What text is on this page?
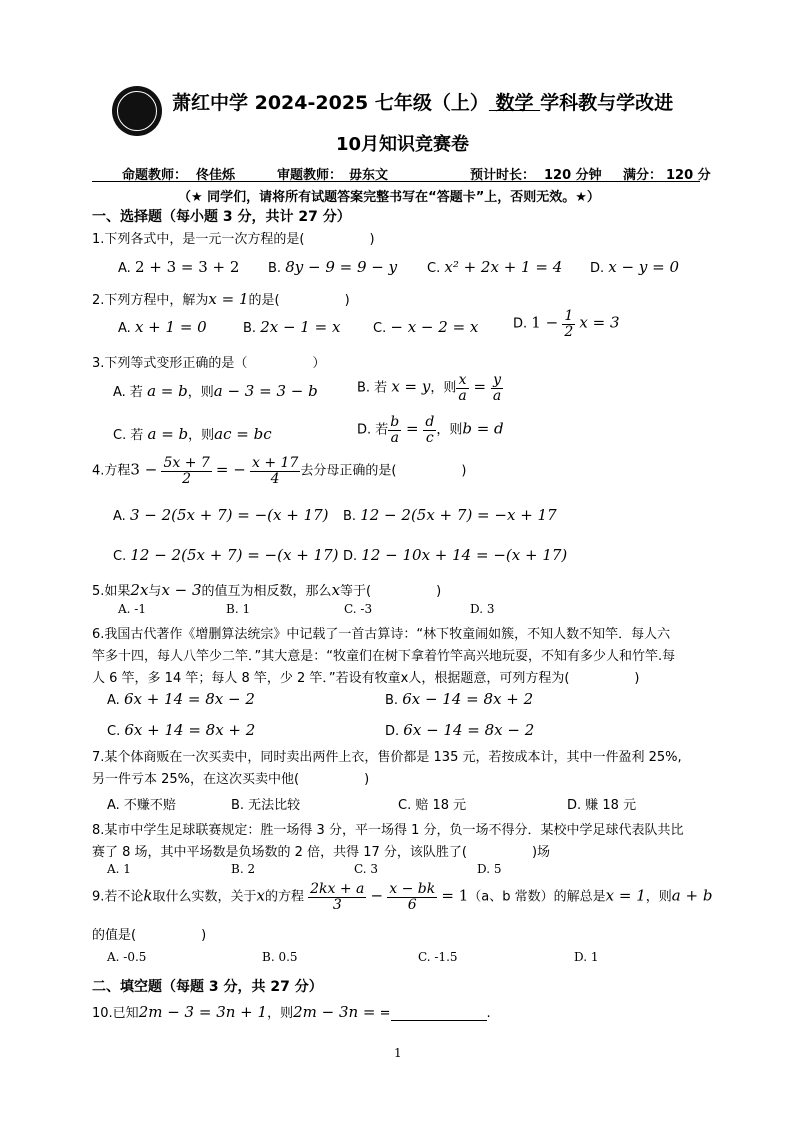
萧红中学 2024-2025 七年级（上） 数学 学科教与学改进
10月知识竞赛卷
命题教师： 佟佳烁	审题教师： 毋东文	预计时长： 120 分钟 满分： 120 分
（★ 同学们，请将所有试题答案完整书写在“答题卡”上，否则无效。★）
一、选择题（每小题 3 分，共计 27 分）
1.下列各式中，是一元一次方程的是(　　　　　)
A. 2 + 3 = 3 + 2 B. 8y − 9 = 9 − y C. x² + 2x + 1 = 4 D. x − y = 0
2.下列方程中，解为x = 1的是(　　　　　)
A. x + 1 = 0	B. 2x − 1 = x	C. − x − 2 = x	D. $1 - \frac{1}{2}$ x = 3
3.下列等式变形正确的是（　　　　　）
A. 若 a = b，则a − 3 = 3 − b	B. 若 x = y，则 $\frac{x}{a} = \frac{y}{a}$
C. 若 a = b，则ac = bc	D. 若 $\frac{b}{a} = \frac{d}{c}$ ，则b = d
4.方程$3 - \frac{5x + 7}{2}$ = − $\frac{x + 17}{4}$ 去分母正确的是(　　　　　)
A. 3 − 2(5x + 7) = −(x + 17) B. 12 − 2(5x + 7) = −x + 17
C. 12 − 2(5x + 7) = −(x + 17) D. 12 − 10x + 14 = −(x + 17)
5.如果2x与x − 3的值互为相反数，那么x等于(　　　　　)
A. -1	B. 1	C. -3	D. 3
6.我国古代著作《增删算法统宗》中记载了一首古算诗：“林下牧童闹如簇，不知人数不知竿．每人六
竿多十四，每人八竿少二竿．”其大意是：“牧童们在树下拿着竹竿高兴地玩耍，不知有多少人和竹竿.每
人 6 竿，多 14 竿；每人 8 竿，少 2 竿．”若设有牧童x人，根据题意，可列方程为(　　　　　)
A. 6x + 14 = 8x − 2	B. 6x − 14 = 8x + 2
C. 6x + 14 = 8x + 2	D. 6x − 14 = 8x − 2
7.某个体商贩在一次买卖中，同时卖出两件上衣，售价都是 135 元，若按成本计，其中一件盈利 25%,
另一件亏本 25%，在这次买卖中他(　　　　　)
A. 不赚不赔	B. 无法比较	C. 赔 18 元	D. 赚 18 元
8.某市中学生足球联赛规定：胜一场得 3 分，平一场得 1 分，负一场不得分．某校中学足球代表队共比
赛了 8 场，其中平场数是负场数的 2 倍，共得 17 分，该队胜了(　　　　　)场
A. 1	B. 2	C. 3	D. 5
9.若不论k取什么实数，关于x的方程 $\frac{2kx + a}{3} - \frac{x - bk}{6} = 1(a$、b 常数）的解总是x = 1，则a + b
的值是(　　　　　)
A. -0.5	B. 0.5	C. -1.5	D. 1
二、填空题（每题 3 分，共 27 分）
10.已知2m − 3 = 3n + 1，则2m − 3n = =	.
1
